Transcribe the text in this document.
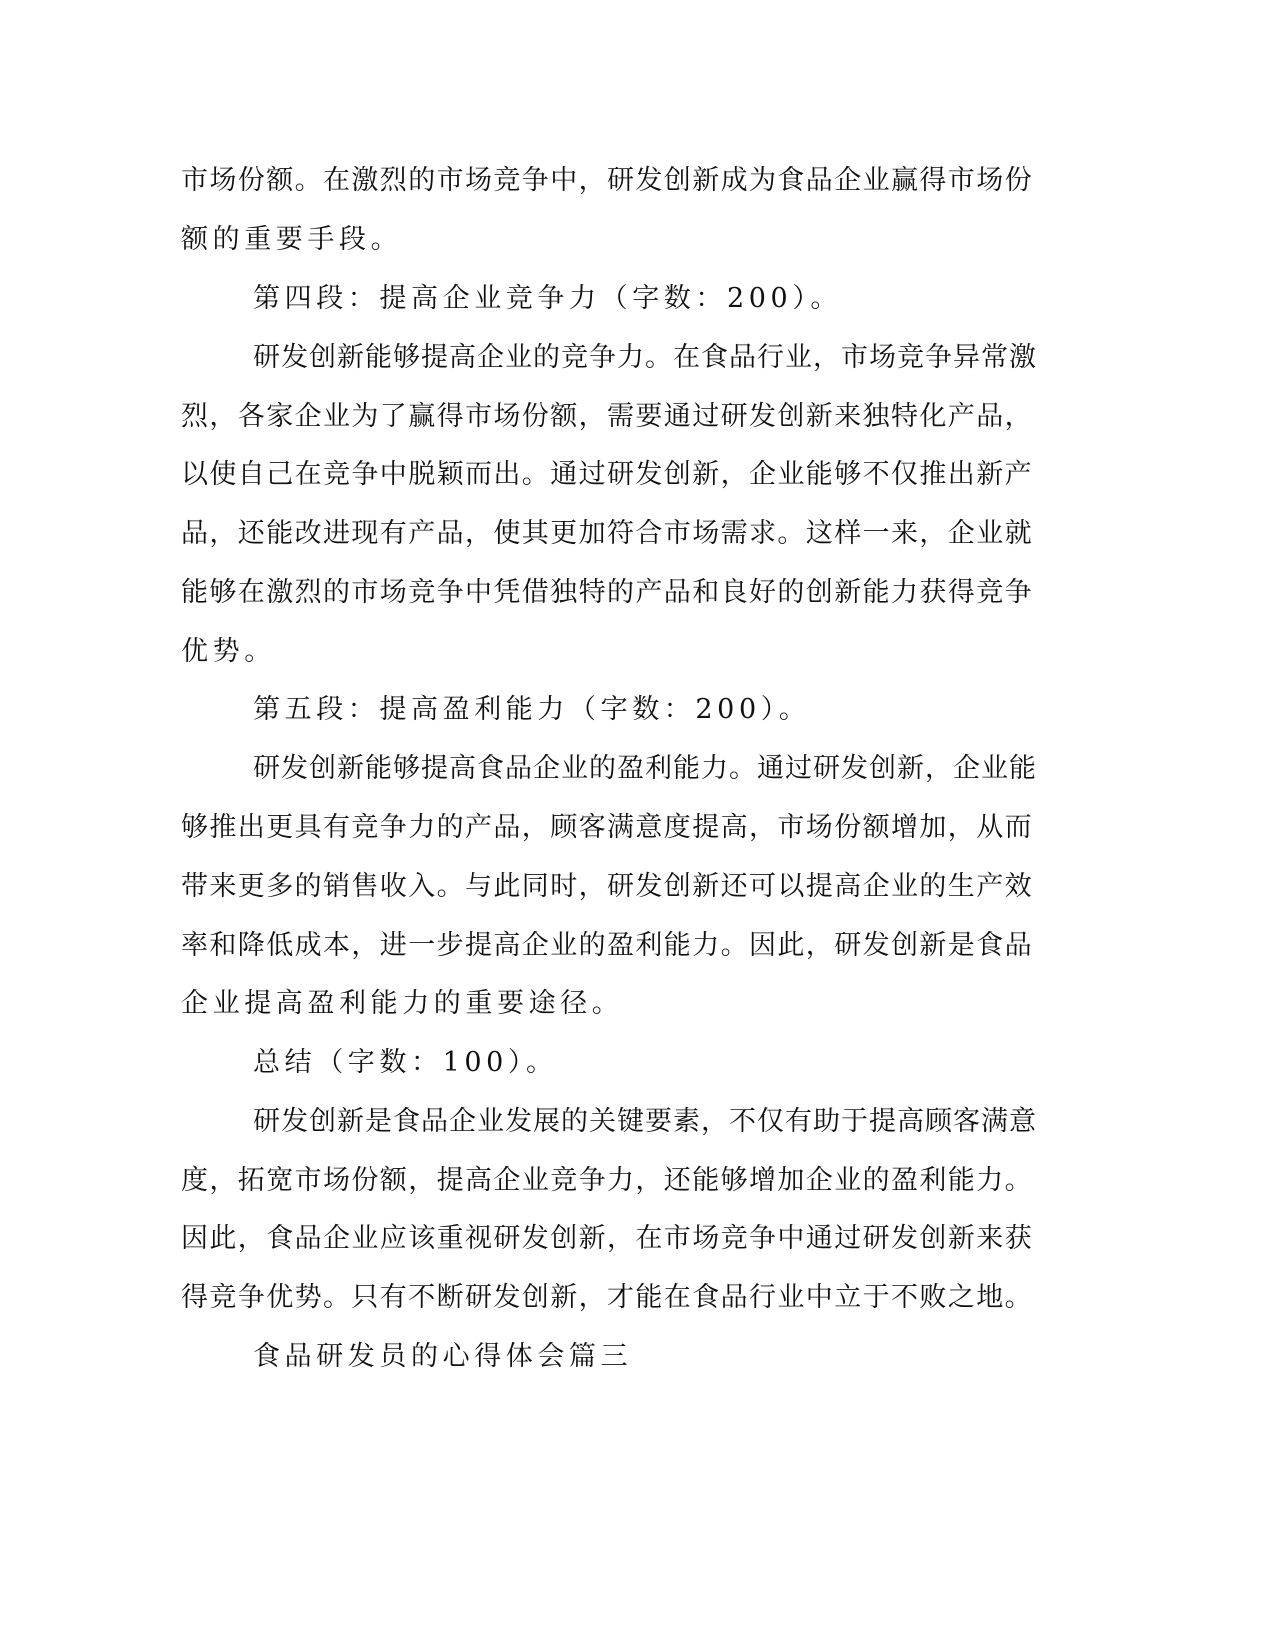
市场份额。在激烈的市场竞争中，研发创新成为食品企业赢得市场份

额的重要手段。

第四段：提高企业竞争力（字数：200）。

研发创新能够提高企业的竞争力。在食品行业，市场竞争异常激

烈，各家企业为了赢得市场份额，需要通过研发创新来独特化产品，

以使自己在竞争中脱颖而出。通过研发创新，企业能够不仅推出新产

品，还能改进现有产品，使其更加符合市场需求。这样一来，企业就

能够在激烈的市场竞争中凭借独特的产品和良好的创新能力获得竞争

优势。

第五段：提高盈利能力（字数：200）。

研发创新能够提高食品企业的盈利能力。通过研发创新，企业能

够推出更具有竞争力的产品，顾客满意度提高，市场份额增加，从而

带来更多的销售收入。与此同时，研发创新还可以提高企业的生产效

率和降低成本，进一步提高企业的盈利能力。因此，研发创新是食品

企业提高盈利能力的重要途径。

总结（字数：100）。

研发创新是食品企业发展的关键要素，不仅有助于提高顾客满意

度，拓宽市场份额，提高企业竞争力，还能够增加企业的盈利能力。

因此，食品企业应该重视研发创新，在市场竞争中通过研发创新来获

得竞争优势。只有不断研发创新，才能在食品行业中立于不败之地。

食品研发员的心得体会篇三
